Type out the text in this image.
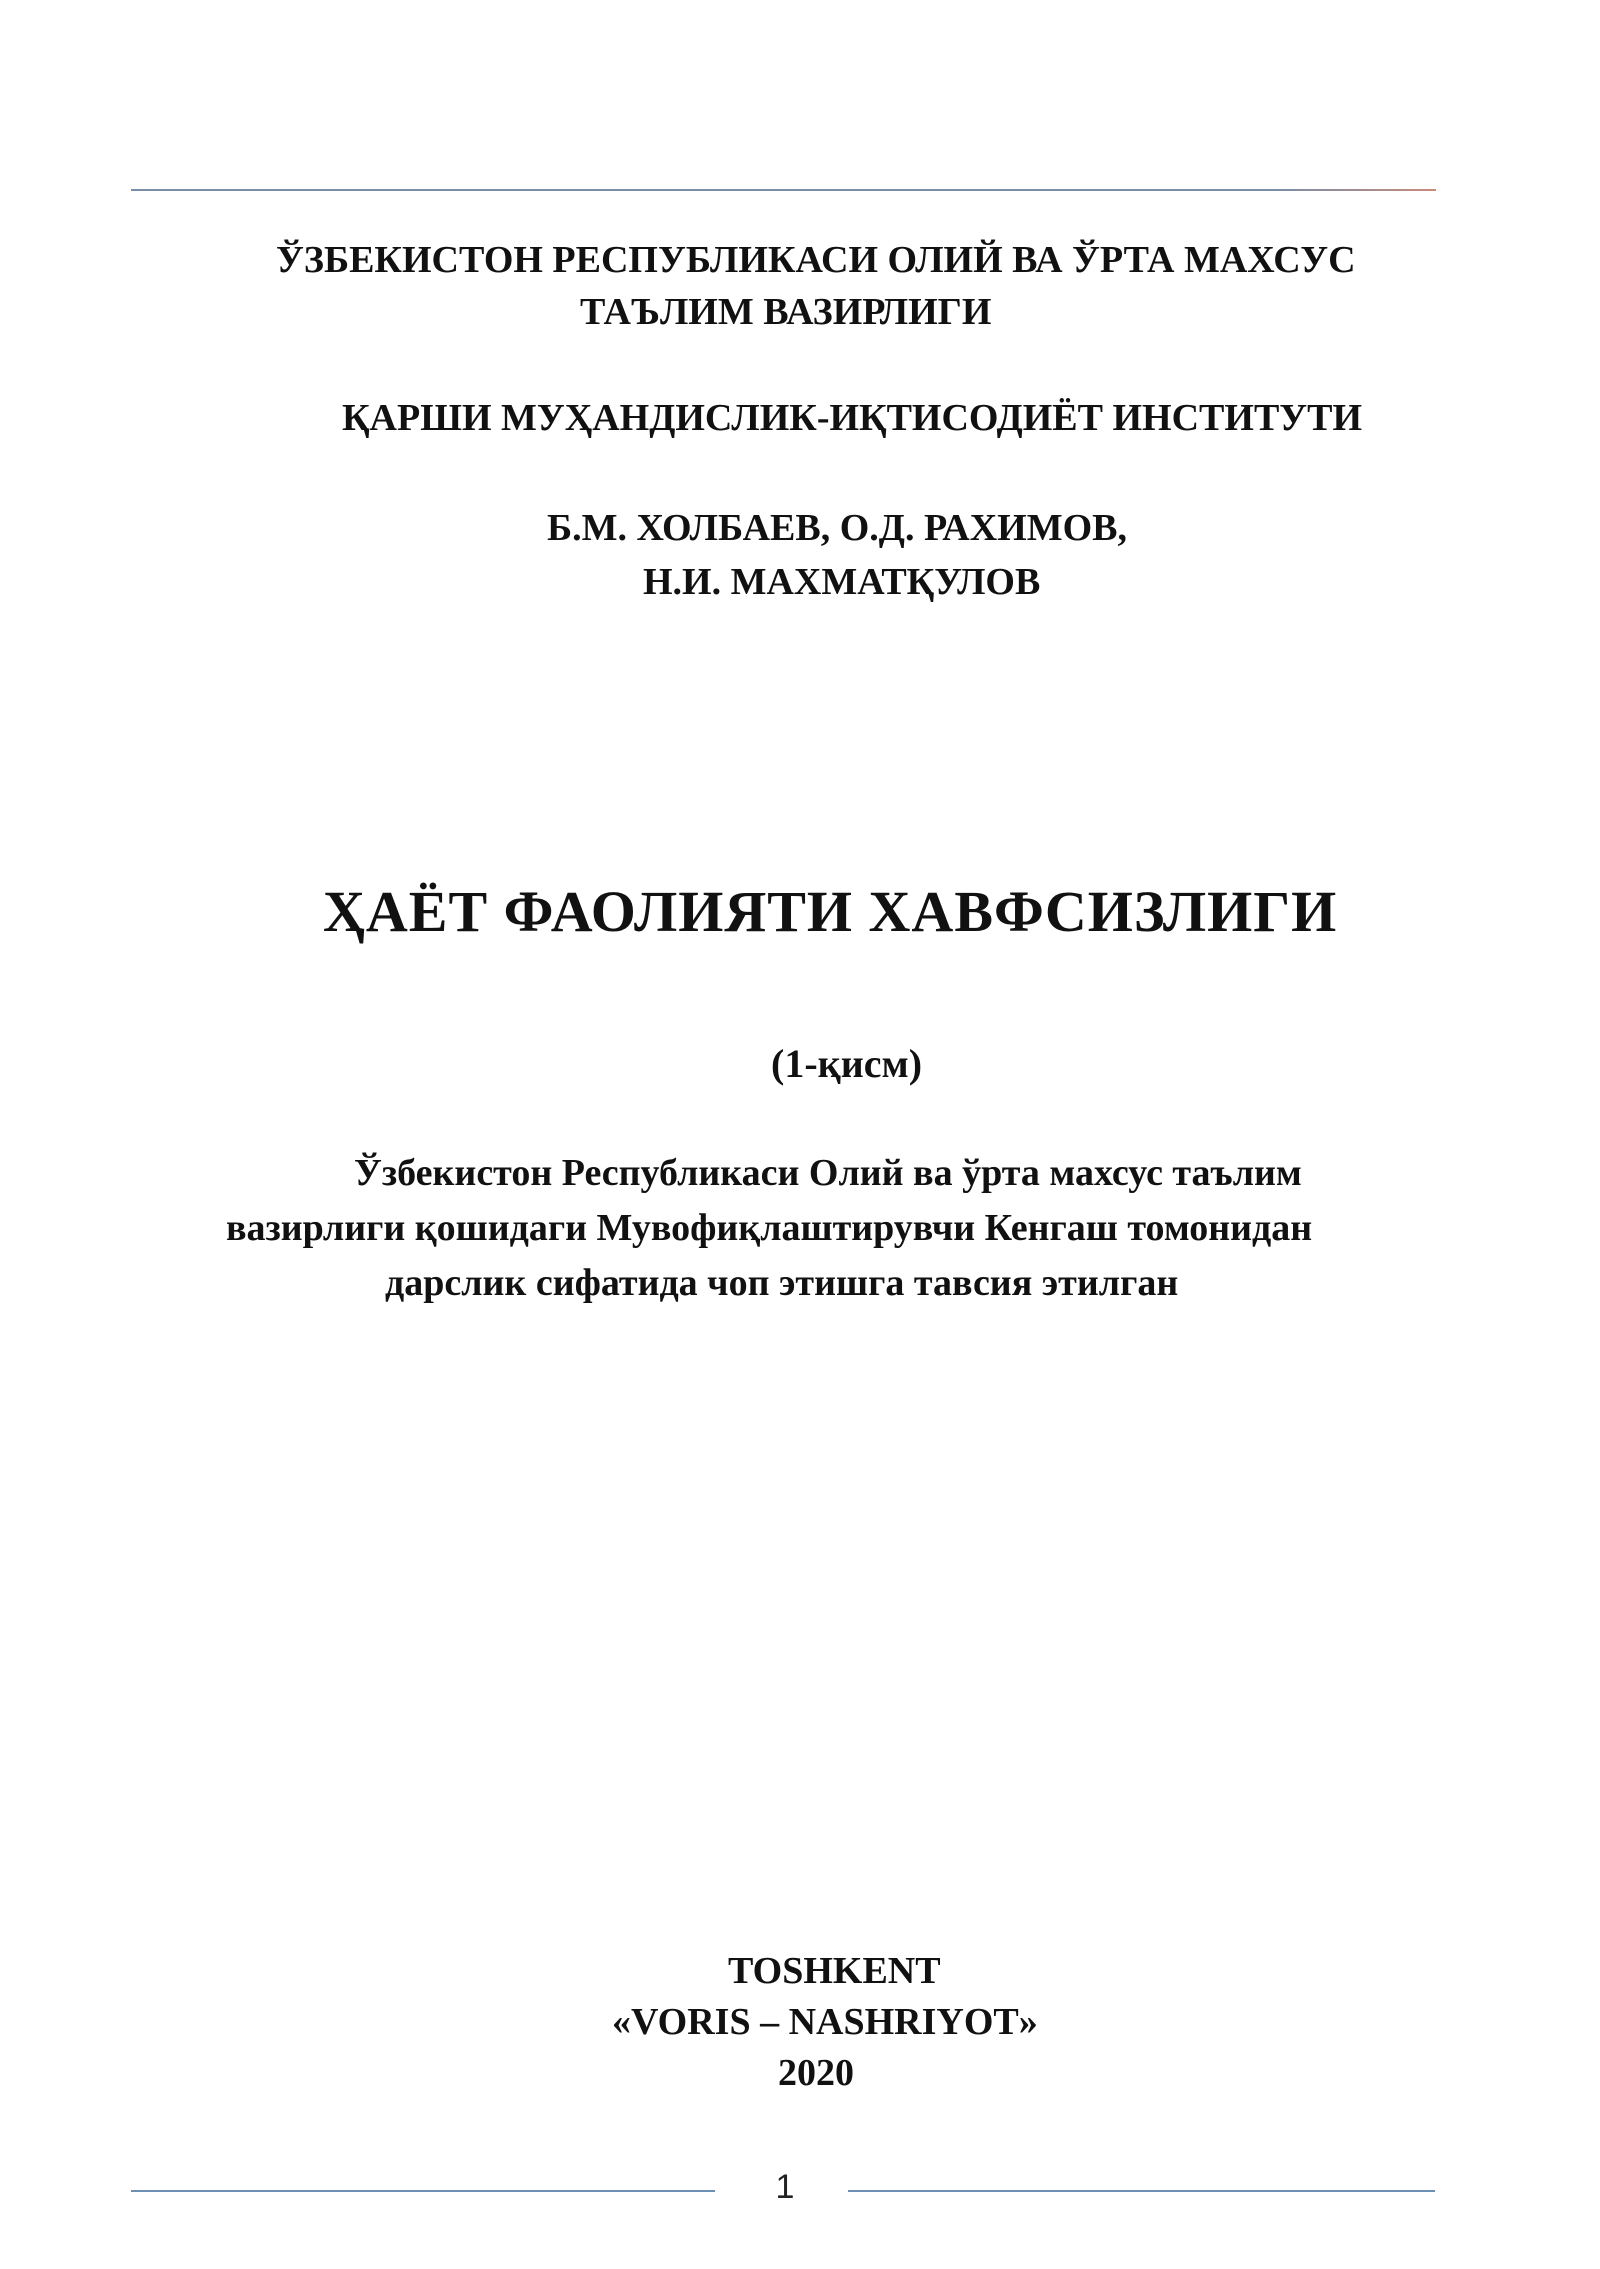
ЎЗБЕКИСТОН РЕСПУБЛИКАСИ ОЛИЙ ВА ЎРТА МАХСУС
ТАЪЛИМ ВАЗИРЛИГИ
ҚАРШИ МУҲАНДИСЛИК-ИҚТИСОДИЁТ ИНСТИТУТИ
Б.М. ХОЛБАЕВ, О.Д. РАХИМОВ,
Н.И. МАХМАТҚУЛОВ
ҲАЁТ ФАОЛИЯТИ ХАВФСИЗЛИГИ
(1-қисм)
Ўзбекистон Республикаси Олий ва ўрта махсус таълим
вазирлиги қошидаги Мувофиқлаштирувчи Кенгаш томонидан
дарслик сифатида чоп этишга тавсия этилган
TOSHKENT
«VORIS – NASHRIYOT»
2020
1
